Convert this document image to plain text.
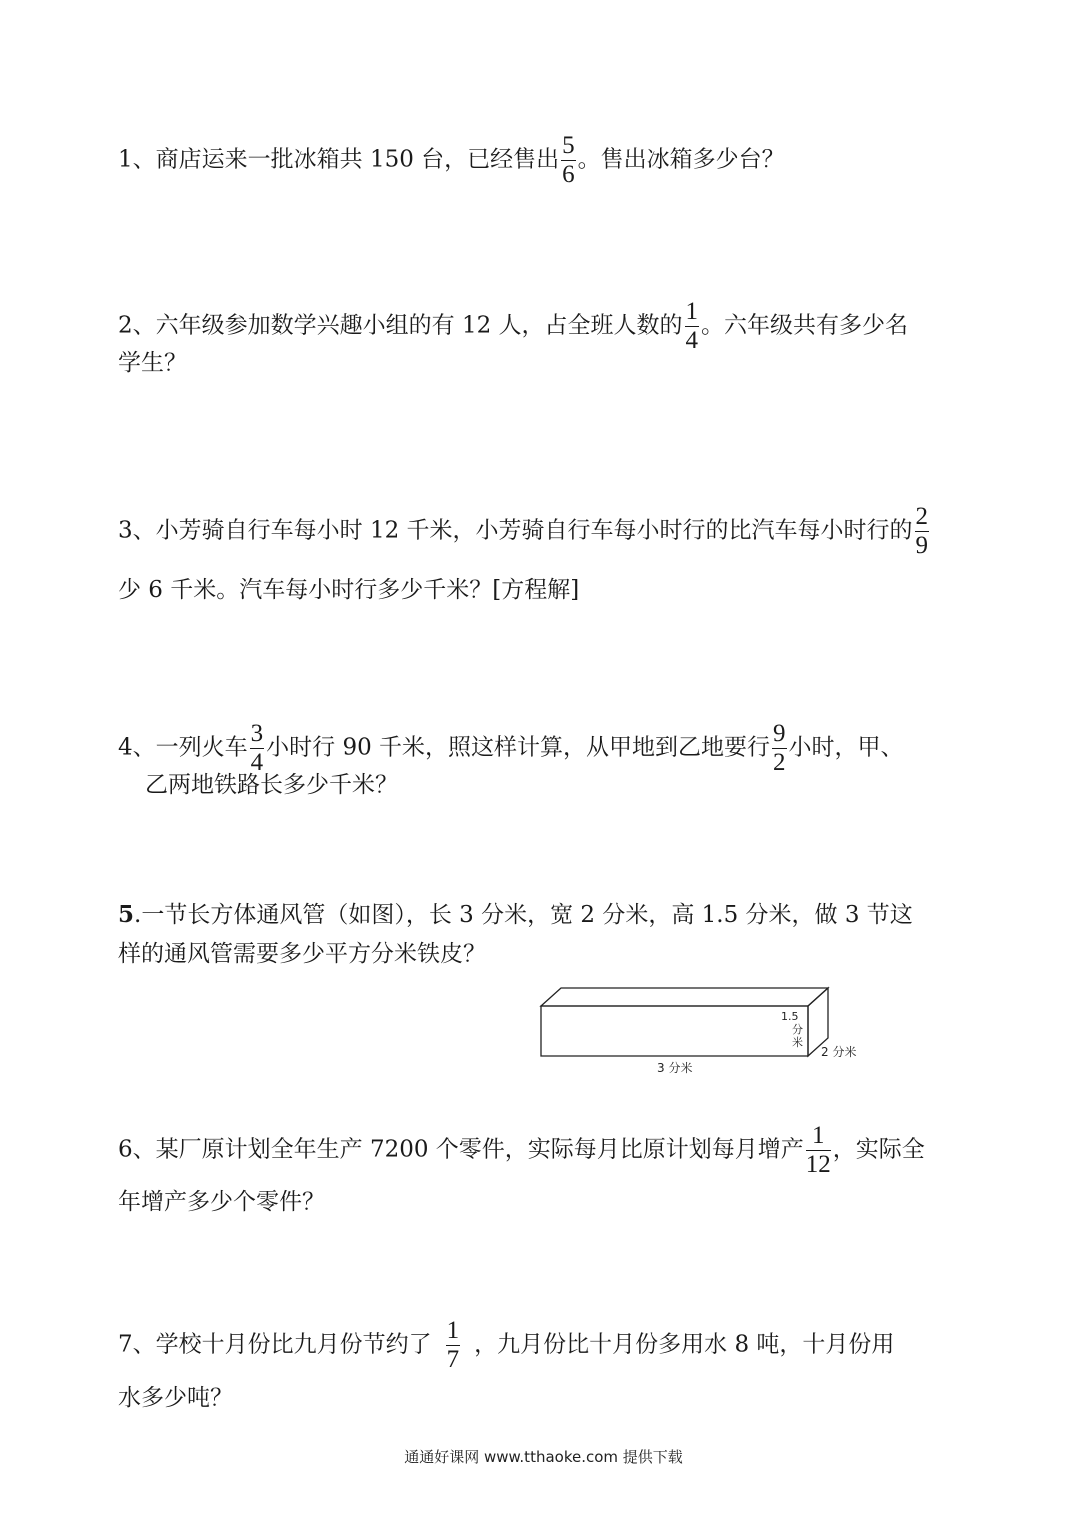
1、商店运来一批冰箱共 150 台，已经售出 $\frac{5}{6}$ 。售出冰箱多少台？
2、六年级参加数学兴趣小组的有 12 人，占全班人数的 $\frac{1}{4}$ 。六年级共有多少名
学生？
3、小芳骑自行车每小时 12 千米，小芳骑自行车每小时行的比汽车每小时行的 $\frac{2}{9}$
少 6 千米。汽车每小时行多少千米？[方程解]
4、一列火车 $\frac{3}{4}$ 小时行 90 千米，照这样计算，从甲地到乙地要行 $\frac{9}{2}$ 小时，甲、
乙两地铁路长多少千米？
5.一节长方体通风管（如图），长 3 分米，宽 2 分米，高 1.5 分米，做 3 节这
样的通风管需要多少平方分米铁皮？
3 分米
2 分米
1.5
分
米
6、某厂原计划全年生产 7200 个零件，实际每月比原计划每月增产 $\frac{1}{12}$ ，实际全
年增产多少个零件？
7、学校十月份比九月份节约了 $\frac{1}{7}$ ，九月份比十月份多用水 8 吨，十月份用
水多少吨？
通通好课网 www.tthaoke.com 提供下载
